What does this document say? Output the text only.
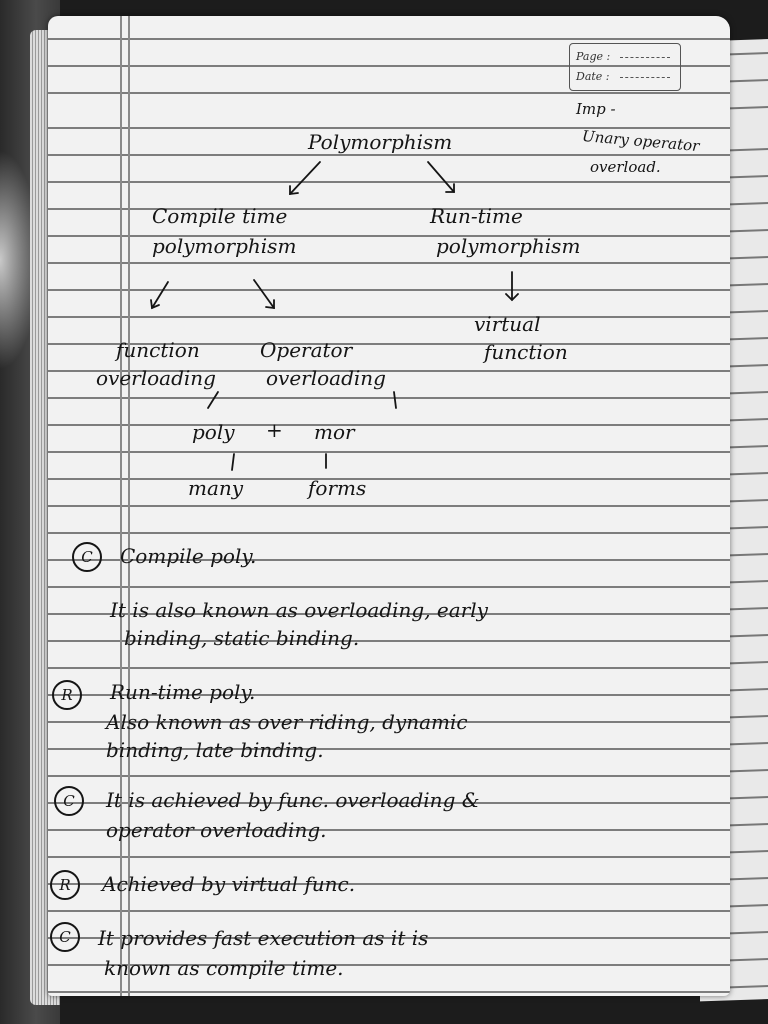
Page :
Date :
Imp -
Unary operator
overload.
Polymorphism
Compile time
polymorphism
Run-time
polymorphism
function
overloading
Operator
overloading
virtual
function
poly + mor
many	forms
C	Compile poly.
It is also known as overloading, early
binding, static binding.
R	Run-time poly.
Also known as over riding, dynamic
binding, late binding.
C	It is achieved by func. overloading &
operator overloading.
R	Achieved by virtual func.
C	It provides fast execution as it is
known as compile time.
